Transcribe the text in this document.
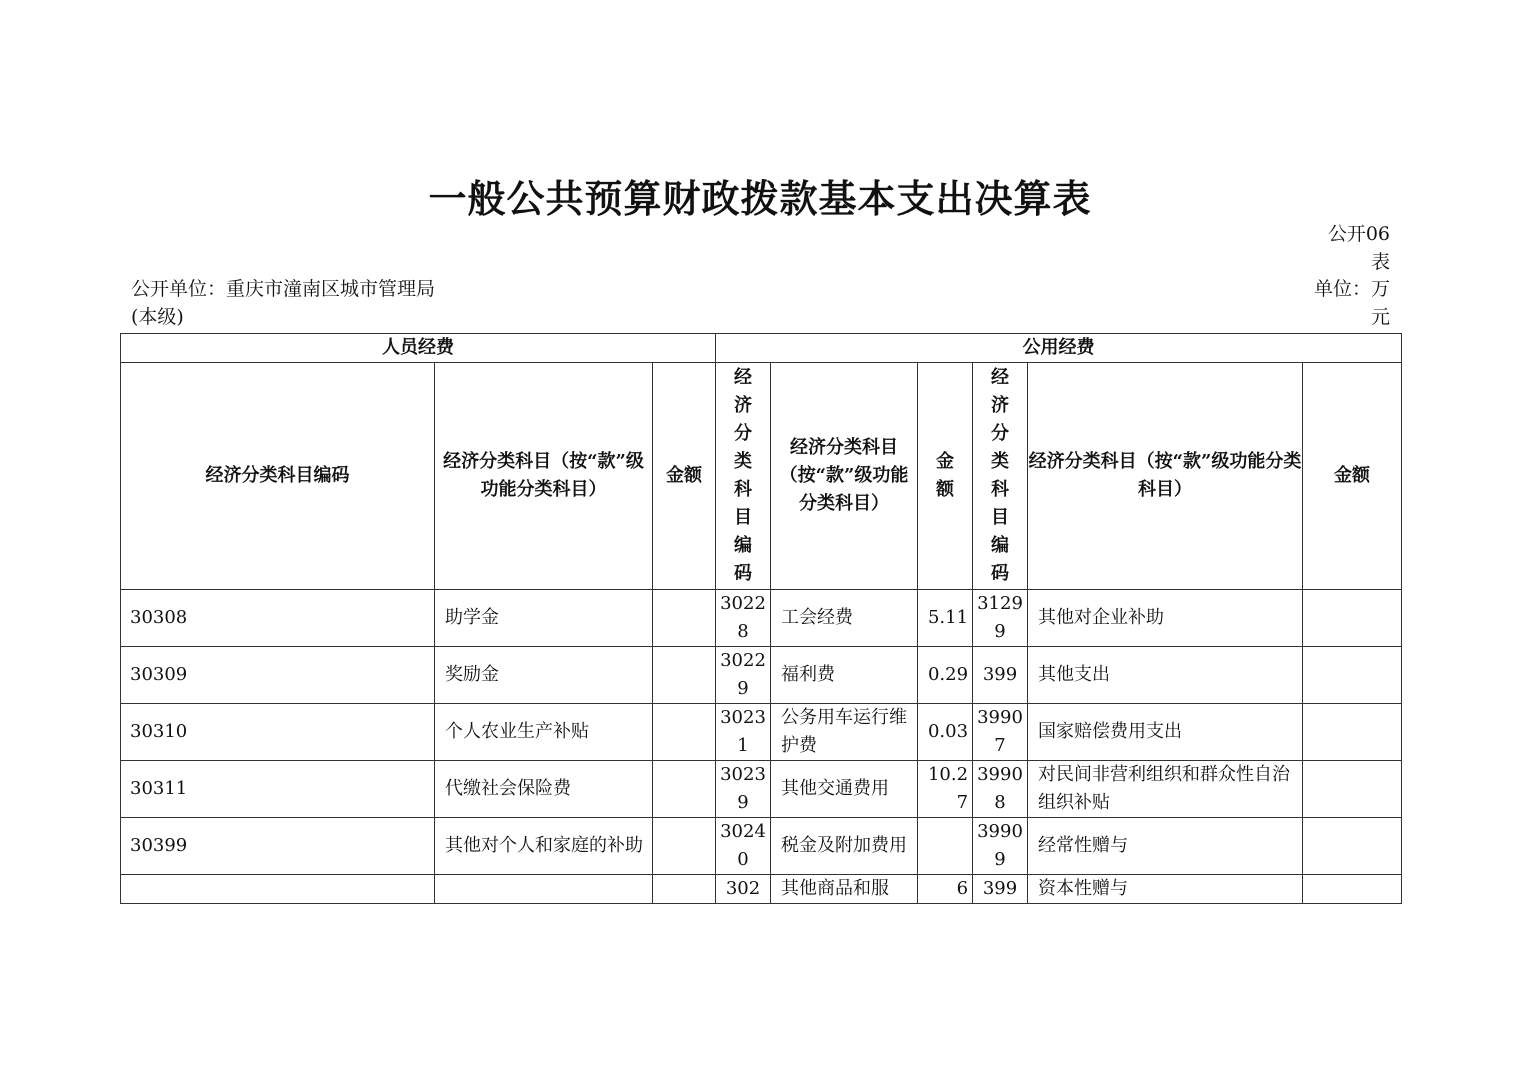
一般公共预算财政拨款基本支出决算表
公开06表
单位：万元
公开单位：重庆市潼南区城市管理局(本级)
人员经费			公用经费					
经济分类科目编码	经济分类科目（按“款”级功能分类科目）	金额	经济分类科目编码	经济分类科目（按“款”级功能分类科目）	金额	经济分类科目编码	经济分类科目（按“款”级功能分类科目）	金额
30308	助学金		30228	工会经费	5.11	31299	其他对企业补助	
30309	奖励金		30229	福利费	0.29	399	其他支出	
30310	个人农业生产补贴		30231	公务用车运行维护费	0.03	39907	国家赔偿费用支出	
30311	代缴社会保险费		30239	其他交通费用	10.27	39908	对民间非营利组织和群众性自治组织补贴	
30399	其他对个人和家庭的补助		30240	税金及附加费用		39909	经常性赠与	
			302	其他商品和服	6	399	资本性赠与	
